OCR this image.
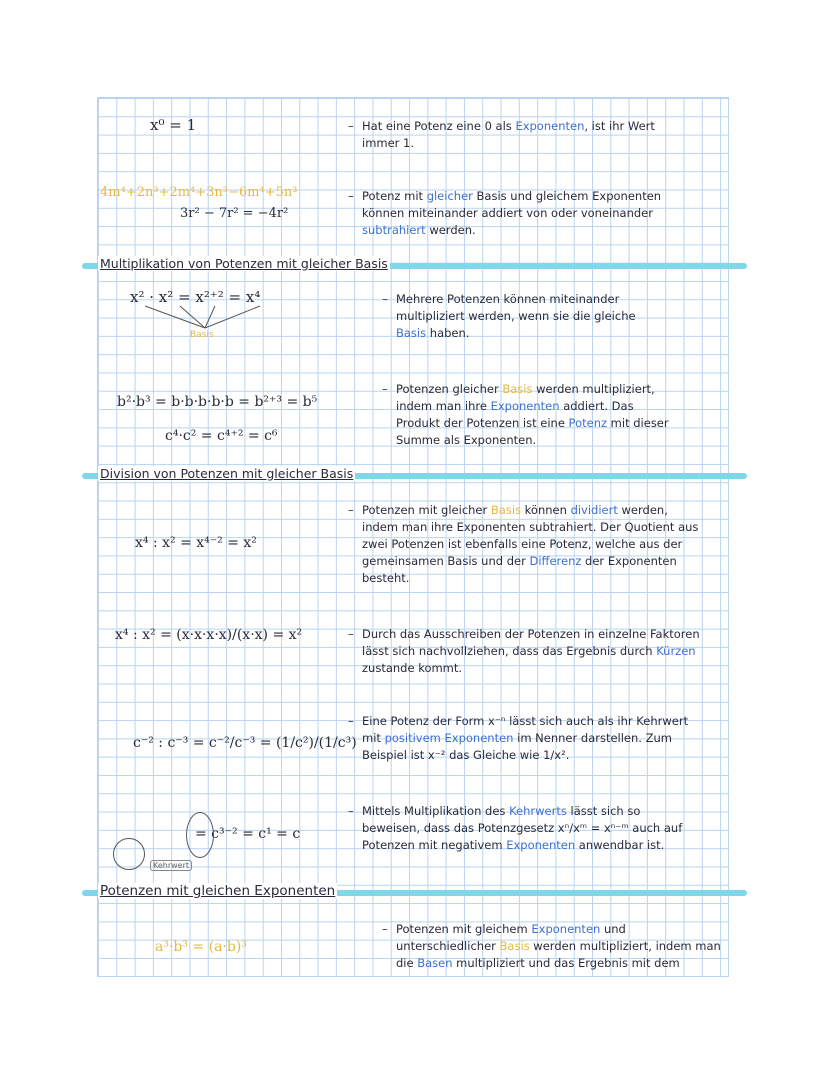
Multiplikation von Potenzen mit gleicher Basis
Division von Potenzen mit gleicher Basis
Potenzen mit gleichen Exponenten
x⁰ = 1
4m⁴+2n³+2m⁴+3n³−6m⁴+5n³
3r² − 7r² = −4r²
x² · x² = x²⁺² = x⁴
Basis
b²·b³ = b·b·b·b·b = b²⁺³ = b⁵
c⁴·c² = c⁴⁺² = c⁶
x⁴ : x² = x⁴⁻² = x²
x⁴ : x² = (x·x·x·x)/(x·x) = x²
c⁻² : c⁻³ = c⁻²/c⁻³ = (1/c²)/(1/c³)
= c³⁻² = c¹ = c
Kehrwert
a³·b³ = (a·b)³
– Hat eine Potenz eine 0 als Exponenten, ist ihr Wert immer 1.
– Potenz mit gleicher Basis und gleichem Exponenten können miteinander addiert von oder voneinander subtrahiert werden.
– Mehrere Potenzen können miteinander multipliziert werden, wenn sie die gleiche Basis haben.
– Potenzen gleicher Basis werden multipliziert, indem man ihre Exponenten addiert. Das Produkt der Potenzen ist eine Potenz mit dieser Summe als Exponenten.
– Potenzen mit gleicher Basis können dividiert werden, indem man ihre Exponenten subtrahiert. Der Quotient aus zwei Potenzen ist ebenfalls eine Potenz, welche aus der gemeinsamen Basis und der Differenz der Exponenten besteht.
– Durch das Ausschreiben der Potenzen in einzelne Faktoren lässt sich nachvollziehen, dass das Ergebnis durch Kürzen zustande kommt.
– Eine Potenz der Form x⁻ⁿ lässt sich auch als ihr Kehrwert mit positivem Exponenten im Nenner darstellen. Zum Beispiel ist x⁻² das Gleiche wie 1/x².
– Mittels Multiplikation des Kehrwerts lässt sich so beweisen, dass das Potenzgesetz xⁿ/xᵐ = xⁿ⁻ᵐ auch auf Potenzen mit negativem Exponenten anwendbar ist.
– Potenzen mit gleichem Exponenten und unterschiedlicher Basis werden multipliziert, indem man die Basen multipliziert und das Ergebnis mit dem
